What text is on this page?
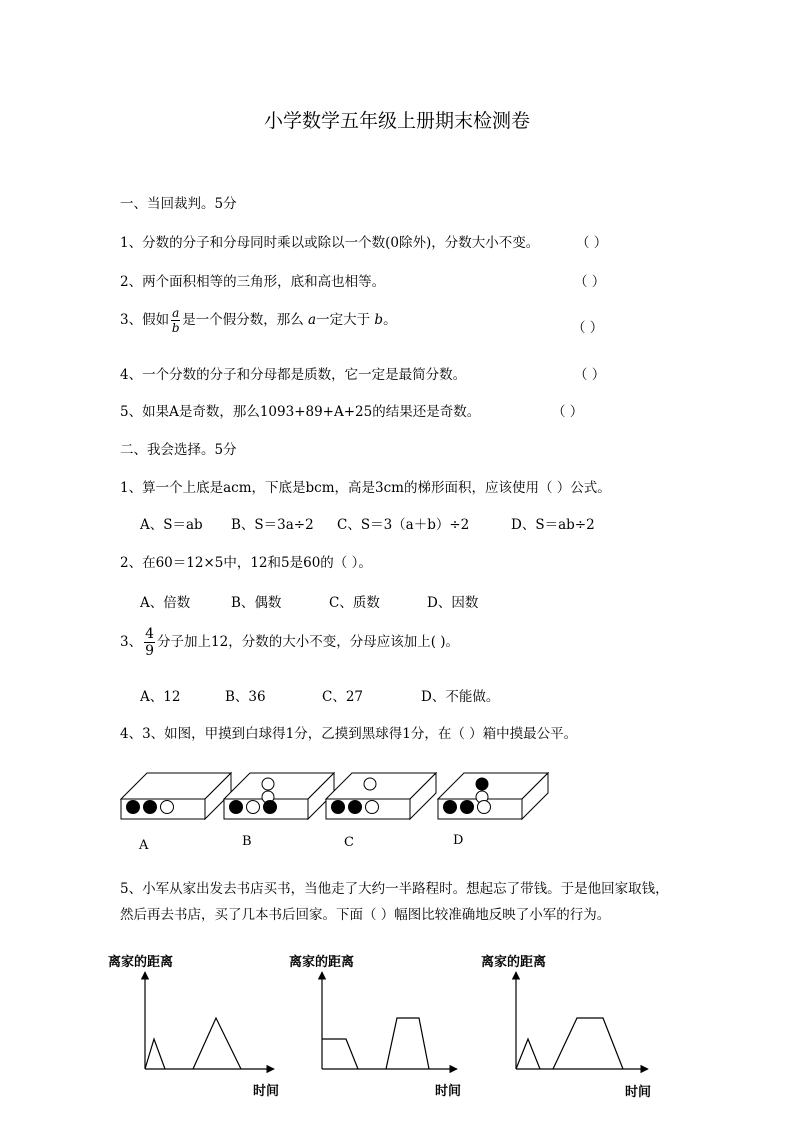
小学数学五年级上册期末检测卷
一、当回裁判。5分
1、分数的分子和分母同时乘以或除以一个数(0除外)，分数大小不变。	（ ）
2、两个面积相等的三角形，底和高也相等。	（ ）
3、假如 $\frac{a}{b}$ 是一个假分数，那么 a一定大于 b。	（ ）
4、一个分数的分子和分母都是质数，它一定是最简分数。	（ ）
5、如果A是奇数，那么1093+89+A+25的结果还是奇数。	（ ）
二、我会选择。5分
1、算一个上底是acm，下底是bcm，高是3cm的梯形面积，应该使用（ ）公式。
A、S＝ab B、S＝3a÷2 C、S＝3（a＋b）÷2	D、S＝ab÷2
2、在60＝12×5中，12和5是60的（ ）。
A、倍数	B、偶数	C、质数	D、因数
3、 $\frac{4}{9}$ 分子加上12，分数的大小不变，分母应该加上( )。
A、12	B、36	C、27	D、不能做。
4、3、如图，甲摸到白球得1分，乙摸到黑球得1分，在（ ）箱中摸最公平。
A	B	C	D
5、小军从家出发去书店买书，当他走了大约一半路程时。想起忘了带钱。于是他回家取钱，
然后再去书店，买了几本书后回家。下面（ ）幅图比较准确地反映了小军的行为。
离家的距离	离家的距离	离家的距离
时间	时间	时间
